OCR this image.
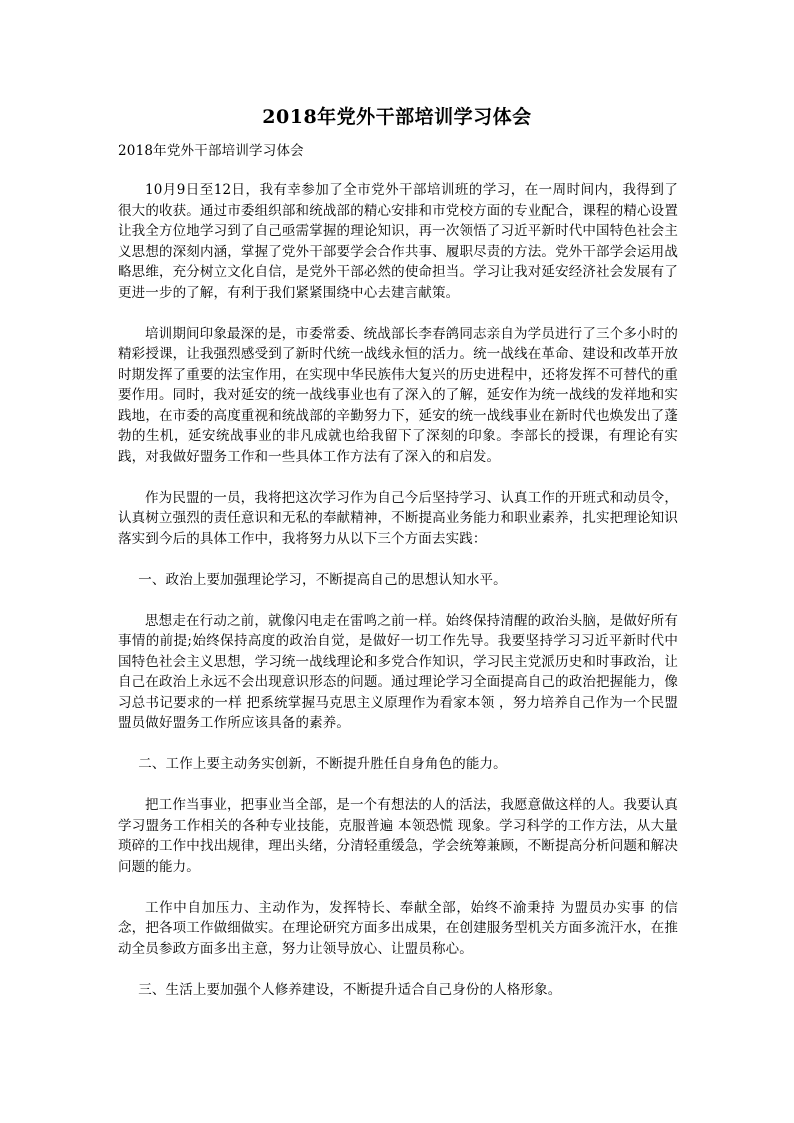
2018年党外干部培训学习体会
2018年党外干部培训学习体会

10月9日至12日，我有幸参加了全市党外干部培训班的学习，在一周时间内，我得到了很大的收获。通过市委组织部和统战部的精心安排和市党校方面的专业配合，课程的精心设置让我全方位地学习到了自己亟需掌握的理论知识，再一次领悟了习近平新时代中国特色社会主义思想的深刻内涵，掌握了党外干部要学会合作共事、履职尽责的方法。党外干部学会运用战略思维，充分树立文化自信，是党外干部必然的使命担当。学习让我对延安经济社会发展有了更进一步的了解，有利于我们紧紧围绕中心去建言献策。

培训期间印象最深的是，市委常委、统战部长李春鸽同志亲自为学员进行了三个多小时的精彩授课，让我强烈感受到了新时代统一战线永恒的活力。统一战线在革命、建设和改革开放时期发挥了重要的法宝作用，在实现中华民族伟大复兴的历史进程中，还将发挥不可替代的重要作用。同时，我对延安的统一战线事业也有了深入的了解，延安作为统一战线的发祥地和实践地，在市委的高度重视和统战部的辛勤努力下，延安的统一战线事业在新时代也焕发出了蓬勃的生机，延安统战事业的非凡成就也给我留下了深刻的印象。李部长的授课，有理论有实践，对我做好盟务工作和一些具体工作方法有了深入的和启发。

作为民盟的一员，我将把这次学习作为自己今后坚持学习、认真工作的开班式和动员令，认真树立强烈的责任意识和无私的奉献精神，不断提高业务能力和职业素养，扎实把理论知识落实到今后的具体工作中，我将努力从以下三个方面去实践：

一、政治上要加强理论学习，不断提高自己的思想认知水平。

思想走在行动之前，就像闪电走在雷鸣之前一样。始终保持清醒的政治头脑，是做好所有事情的前提;始终保持高度的政治自觉，是做好一切工作先导。我要坚持学习习近平新时代中国特色社会主义思想，学习统一战线理论和多党合作知识，学习民主党派历史和时事政治，让自己在政治上永远不会出现意识形态的问题。通过理论学习全面提高自己的政治把握能力，像习总书记要求的一样 把系统掌握马克思主义原理作为看家本领 ，努力培养自己作为一个民盟盟员做好盟务工作所应该具备的素养。

二、工作上要主动务实创新，不断提升胜任自身角色的能力。

把工作当事业，把事业当全部，是一个有想法的人的活法，我愿意做这样的人。我要认真学习盟务工作相关的各种专业技能，克服普遍 本领恐慌 现象。学习科学的工作方法，从大量琐碎的工作中找出规律，理出头绪，分清轻重缓急，学会统筹兼顾，不断提高分析问题和解决问题的能力。

工作中自加压力、主动作为，发挥特长、奉献全部，始终不渝秉持 为盟员办实事 的信念，把各项工作做细做实。在理论研究方面多出成果，在创建服务型机关方面多流汗水，在推动全员参政方面多出主意，努力让领导放心、让盟员称心。

三、生活上要加强个人修养建设，不断提升适合自己身份的人格形象。
